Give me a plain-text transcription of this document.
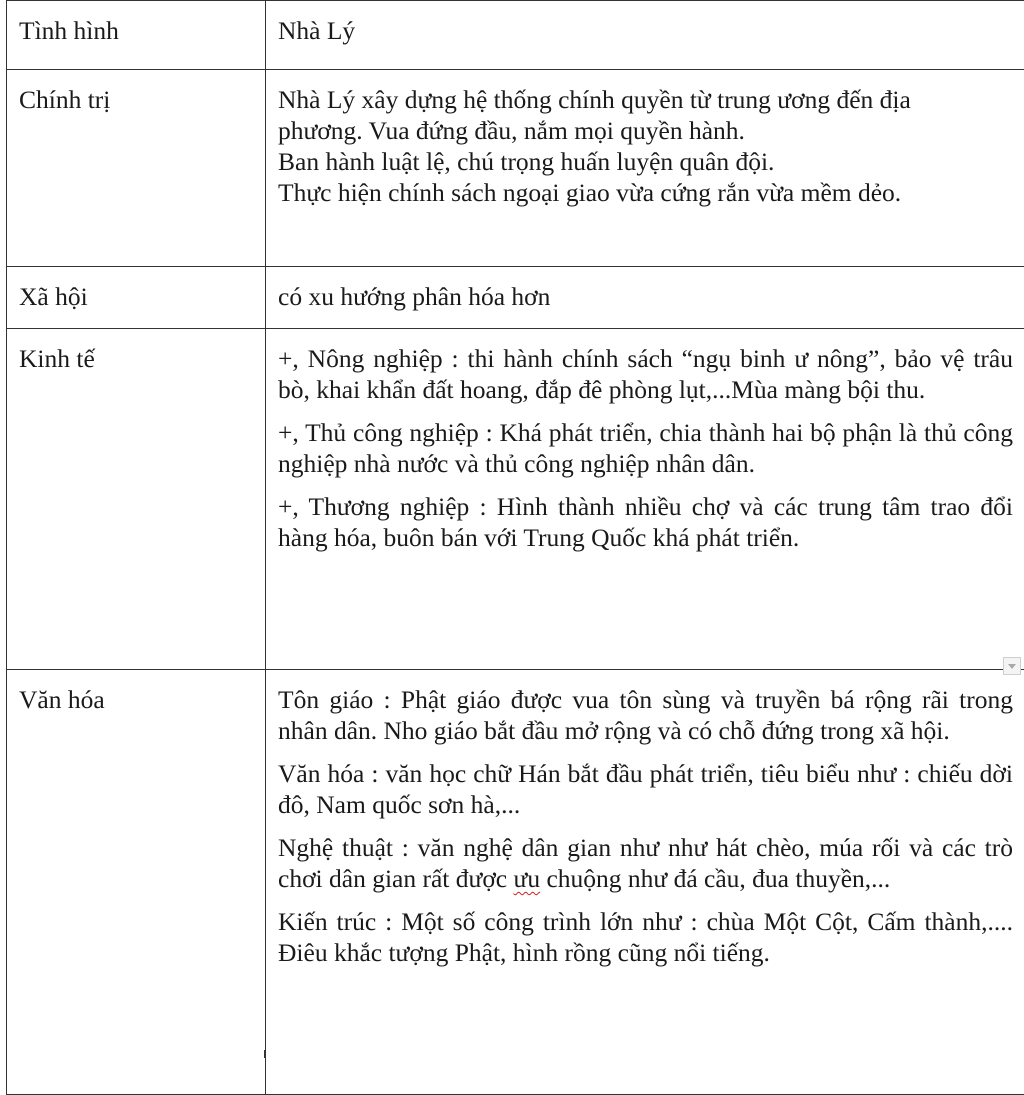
Tình hình	Nhà Lý
Chính trị	Nhà Lý xây dựng hệ thống chính quyền từ trung ương đến địa
phương. Vua đứng đầu, nắm mọi quyền hành.
Ban hành luật lệ, chú trọng huấn luyện quân đội.
Thực hiện chính sách ngoại giao vừa cứng rắn vừa mềm dẻo.

Xã hội	có xu hướng phân hóa hơn
Kinh tế	+, Nông nghiệp : thi hành chính sách “ngụ binh ư nông”, bảo vệ trâu bò, khai khẩn đất hoang, đắp đê phòng lụt,...Mùa màng bội thu.

+, Thủ công nghiệp : Khá phát triển, chia thành hai bộ phận là thủ công nghiệp nhà nước và thủ công nghiệp nhân dân.

+, Thương nghiệp : Hình thành nhiều chợ và các trung tâm trao đổi hàng hóa, buôn bán với Trung Quốc khá phát triển.

Văn hóa	Tôn giáo : Phật giáo được vua tôn sùng và truyền bá rộng rãi trong nhân dân. Nho giáo bắt đầu mở rộng và có chỗ đứng trong xã hội.

Văn hóa : văn học chữ Hán bắt đầu phát triển, tiêu biểu như : chiếu dời đô, Nam quốc sơn hà,...

Nghệ thuật : văn nghệ dân gian như như hát chèo, múa rối và các trò chơi dân gian rất được ưu chuộng như đá cầu, đua thuyền,...

Kiến trúc : Một số công trình lớn như : chùa Một Cột, Cấm thành,.... Điêu khắc tượng Phật, hình rồng cũng nổi tiếng.
